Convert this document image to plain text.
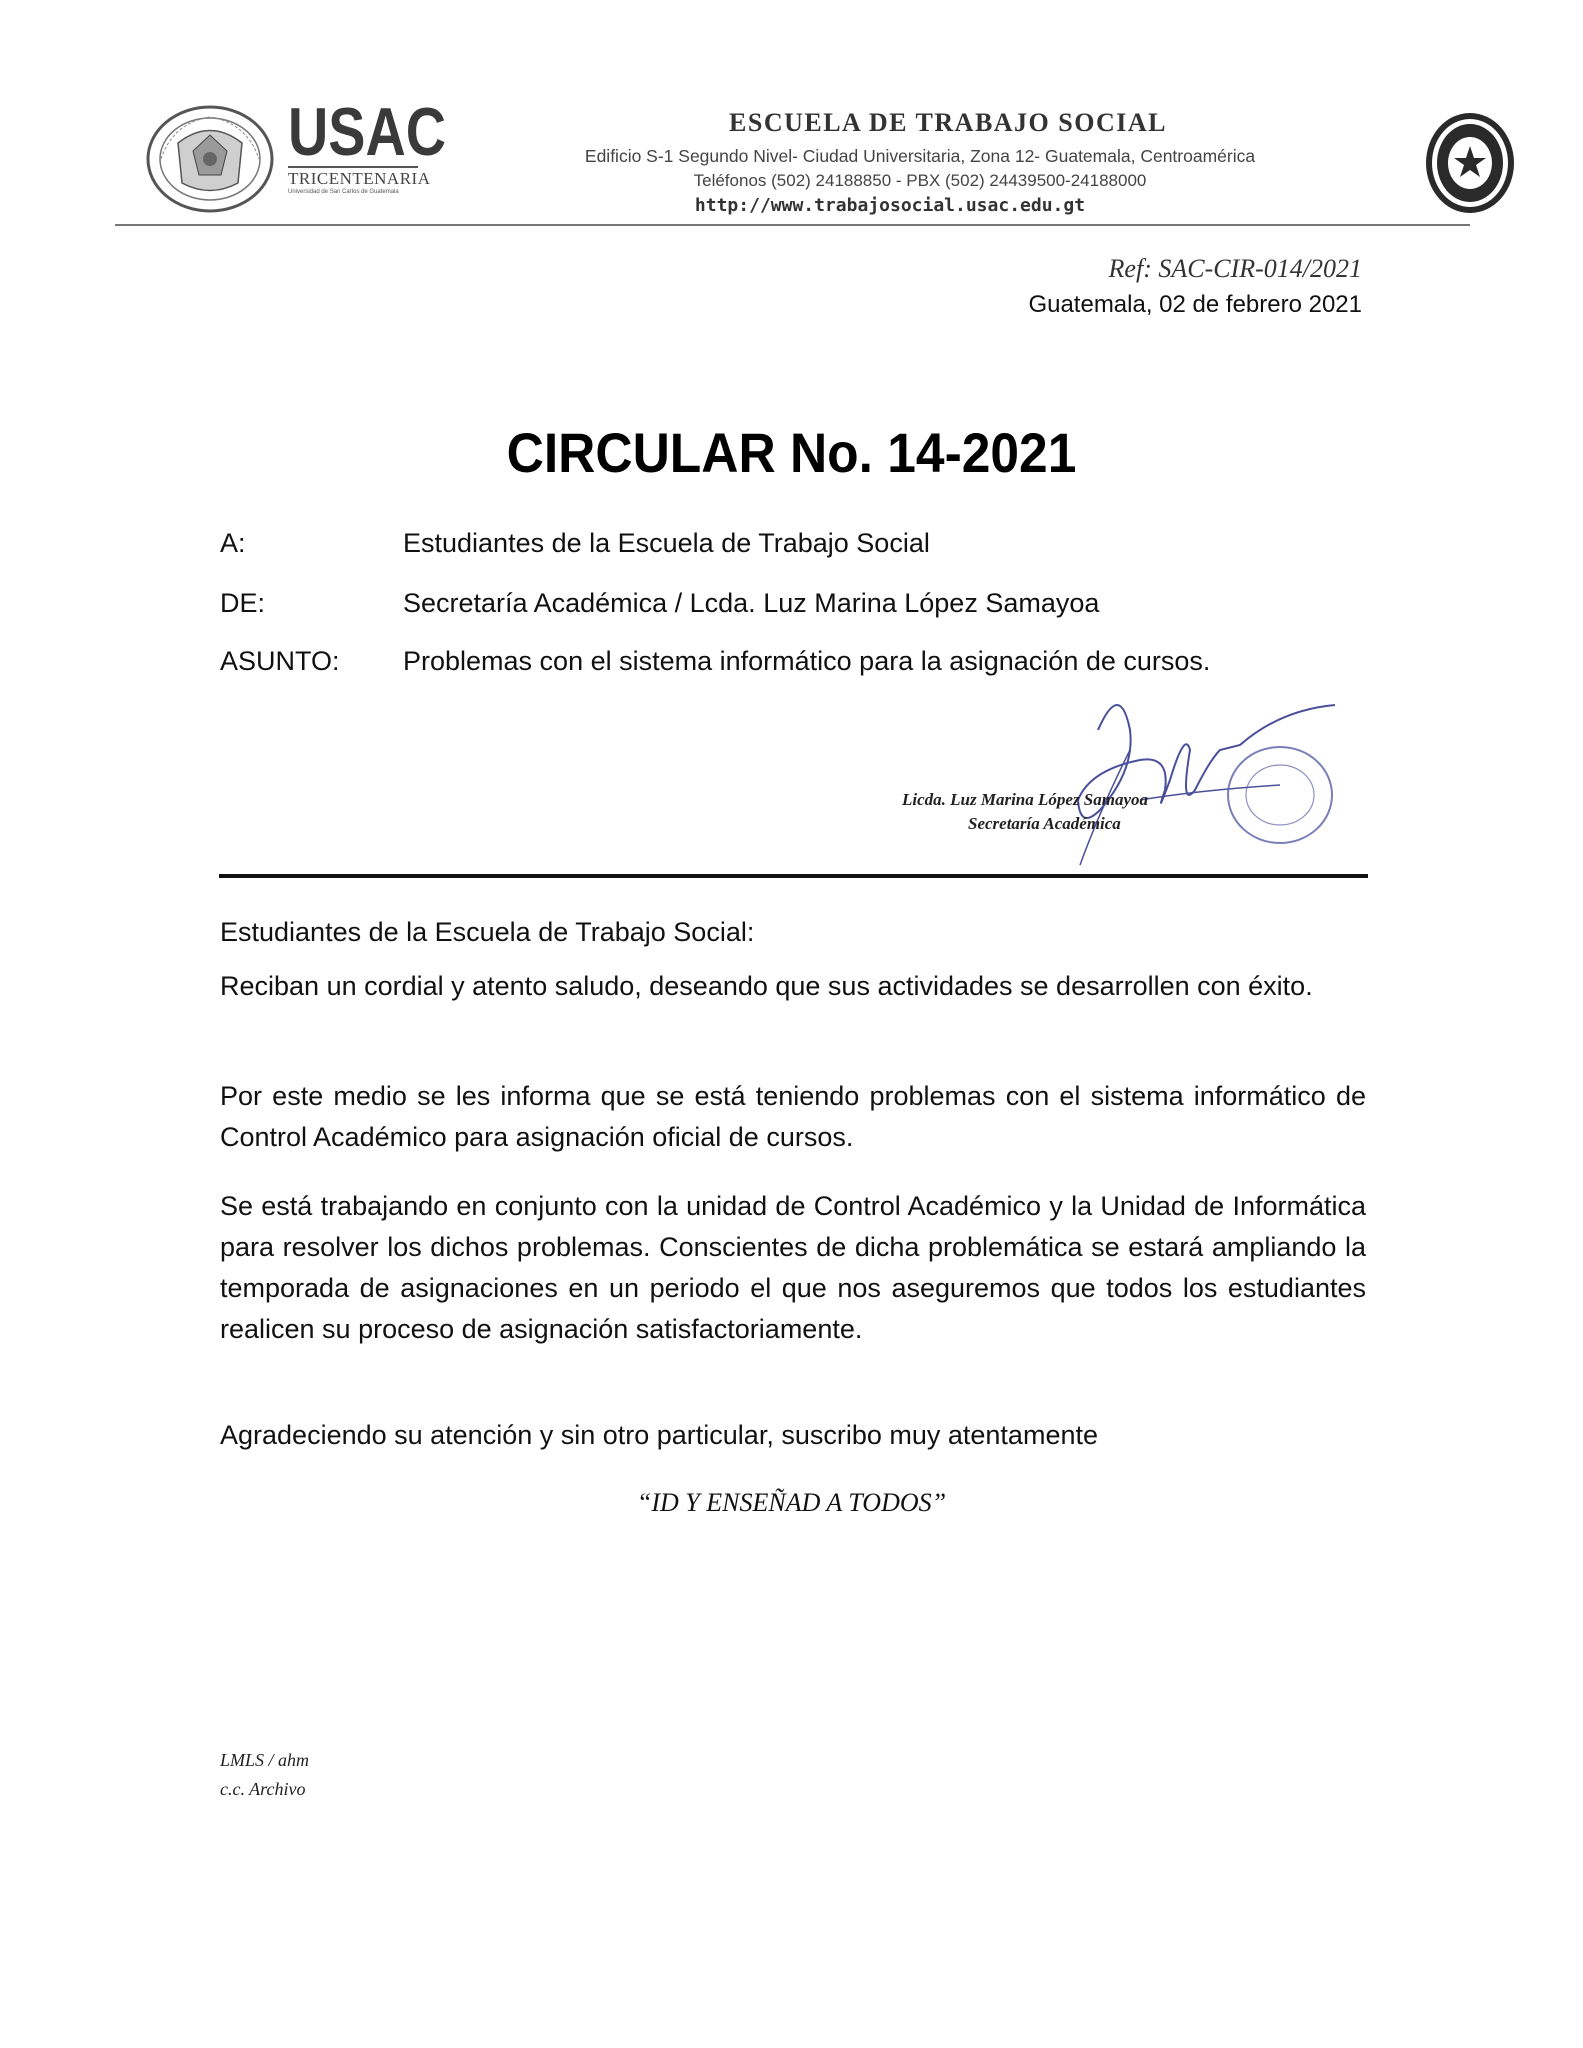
USAC
TRICENTENARIA
Universidad de San Carlos de Guatemala
ESCUELA DE TRABAJO SOCIAL
Edificio S-1 Segundo Nivel- Ciudad Universitaria, Zona 12- Guatemala, Centroamérica
Teléfonos (502) 24188850 - PBX (502) 24439500-24188000
http://www.trabajosocial.usac.edu.gt
Ref: SAC-CIR-014/2021
Guatemala, 02 de febrero 2021
CIRCULAR No. 14-2021
A:	Estudiantes de la Escuela de Trabajo Social
DE:	Secretaría Académica / Lcda. Luz Marina López Samayoa
ASUNTO: Problemas con el sistema informático para la asignación de cursos.
Licda. Luz Marina López Samayoa
Secretaría Académica
Estudiantes de la Escuela de Trabajo Social:
Reciban un cordial y atento saludo, deseando que sus actividades se desarrollen con éxito.
Por este medio se les informa que se está teniendo problemas con el sistema informático de Control Académico para asignación oficial de cursos.
Se está trabajando en conjunto con la unidad de Control Académico y la Unidad de Informática para resolver los dichos problemas. Conscientes de dicha problemática se estará ampliando la temporada de asignaciones en un periodo el que nos aseguremos que todos los estudiantes realicen su proceso de asignación satisfactoriamente.
Agradeciendo su atención y sin otro particular, suscribo muy atentamente
“ID Y ENSEÑAD A TODOS”
LMLS / ahm
c.c. Archivo
